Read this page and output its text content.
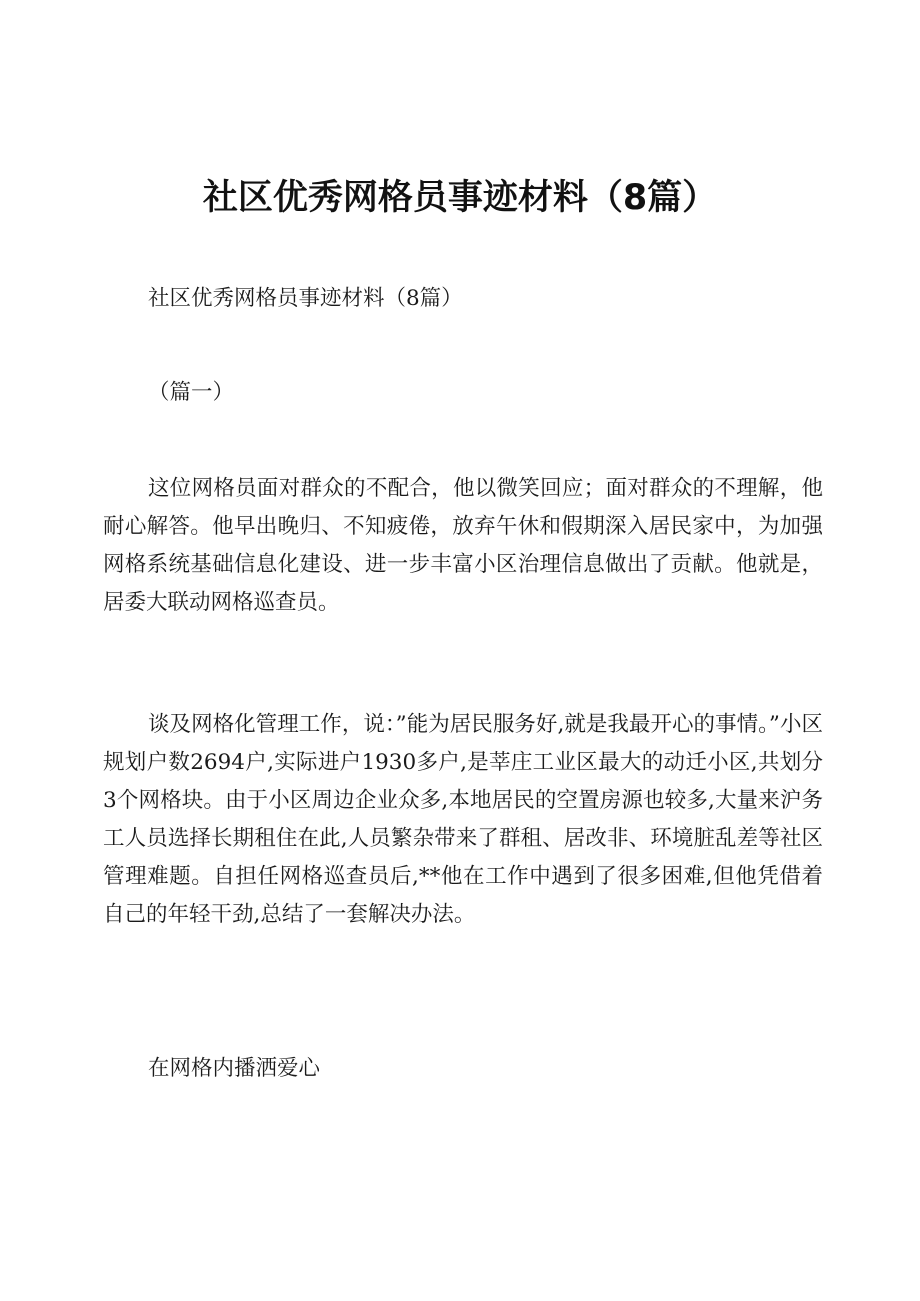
社区优秀网格员事迹材料（8篇）

社区优秀网格员事迹材料（8篇）

（篇一）

这位网格员面对群众的不配合，他以微笑回应；面对群众的不理解，他耐心解答。他早出晚归、不知疲倦，放弃午休和假期深入居民家中，为加强网格系统基础信息化建设、进一步丰富小区治理信息做出了贡献。他就是，居委大联动网格巡查员。

谈及网格化管理工作，说：”能为居民服务好,就是我最开心的事情。”小区规划户数2694户,实际进户1930多户,是莘庄工业区最大的动迁小区,共划分3个网格块。由于小区周边企业众多,本地居民的空置房源也较多,大量来沪务工人员选择长期租住在此,人员繁杂带来了群租、居改非、环境脏乱差等社区管理难题。自担任网格巡查员后,**他在工作中遇到了很多困难,但他凭借着自己的年轻干劲,总结了一套解决办法。

在网格内播洒爱心
